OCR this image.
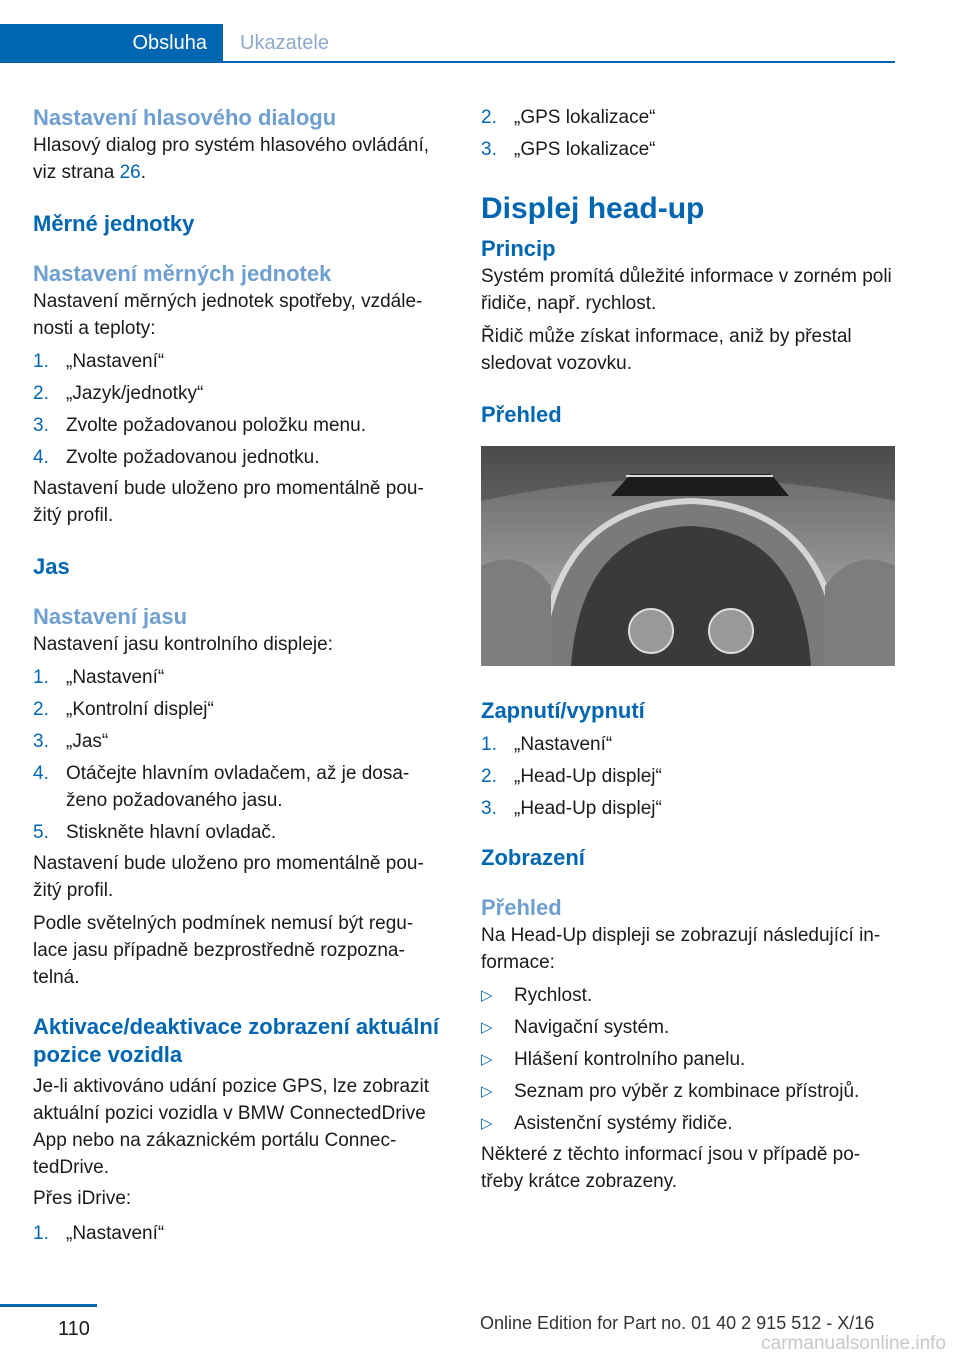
Obsluha Ukazatele
Nastavení hlasového dialogu

Hlasový dialog pro systém hlasového ovládání, viz strana 26.

Měrné jednotky
Nastavení měrných jednotek

Nastavení měrných jednotek spotřeby, vzdále-nosti a teploty:

1. „Nastavení“
2. „Jazyk/jednotky“
3. Zvolte požadovanou položku menu.
4. Zvolte požadovanou jednotku.

Nastavení bude uloženo pro momentálně pou-žitý profil.

Jas
Nastavení jasu

Nastavení jasu kontrolního displeje:

1. „Nastavení“
2. „Kontrolní displej“
3. „Jas“
4. Otáčejte hlavním ovladačem, až je dosa-ženo požadovaného jasu.
5. Stiskněte hlavní ovladač.

Nastavení bude uloženo pro momentálně pou-žitý profil.

Podle světelných podmínek nemusí být regu-lace jasu případně bezprostředně rozpozna-telná.

Aktivace/deaktivace zobrazení aktuální pozice vozidla

Je-li aktivováno udání pozice GPS, lze zobrazit aktuální pozici vozidla v BMW ConnectedDrive App nebo na zákaznickém portálu Connec-tedDrive.

Přes iDrive:

1. „Nastavení“
2. „GPS lokalizace“
3. „GPS lokalizace“
Displej head-up
Princip

Systém promítá důležité informace v zorném poli řidiče, např. rychlost.

Řidič může získat informace, aniž by přestal sledovat vozovku.

Přehled
Zapnutí/vypnutí
1. „Nastavení“
2. „Head-Up displej“
3. „Head-Up displej“
Zobrazení
Přehled

Na Head-Up displeji se zobrazují následující in-formace:

▷ Rychlost.
▷ Navigační systém.
▷ Hlášení kontrolního panelu.
▷ Seznam pro výběr z kombinace přístrojů.
▷ Asistenční systémy řidiče.

Některé z těchto informací jsou v případě po-třeby krátce zobrazeny.

110	Online Edition for Part no. 01 40 2 915 512 - X/16
carmanualsonline.info
